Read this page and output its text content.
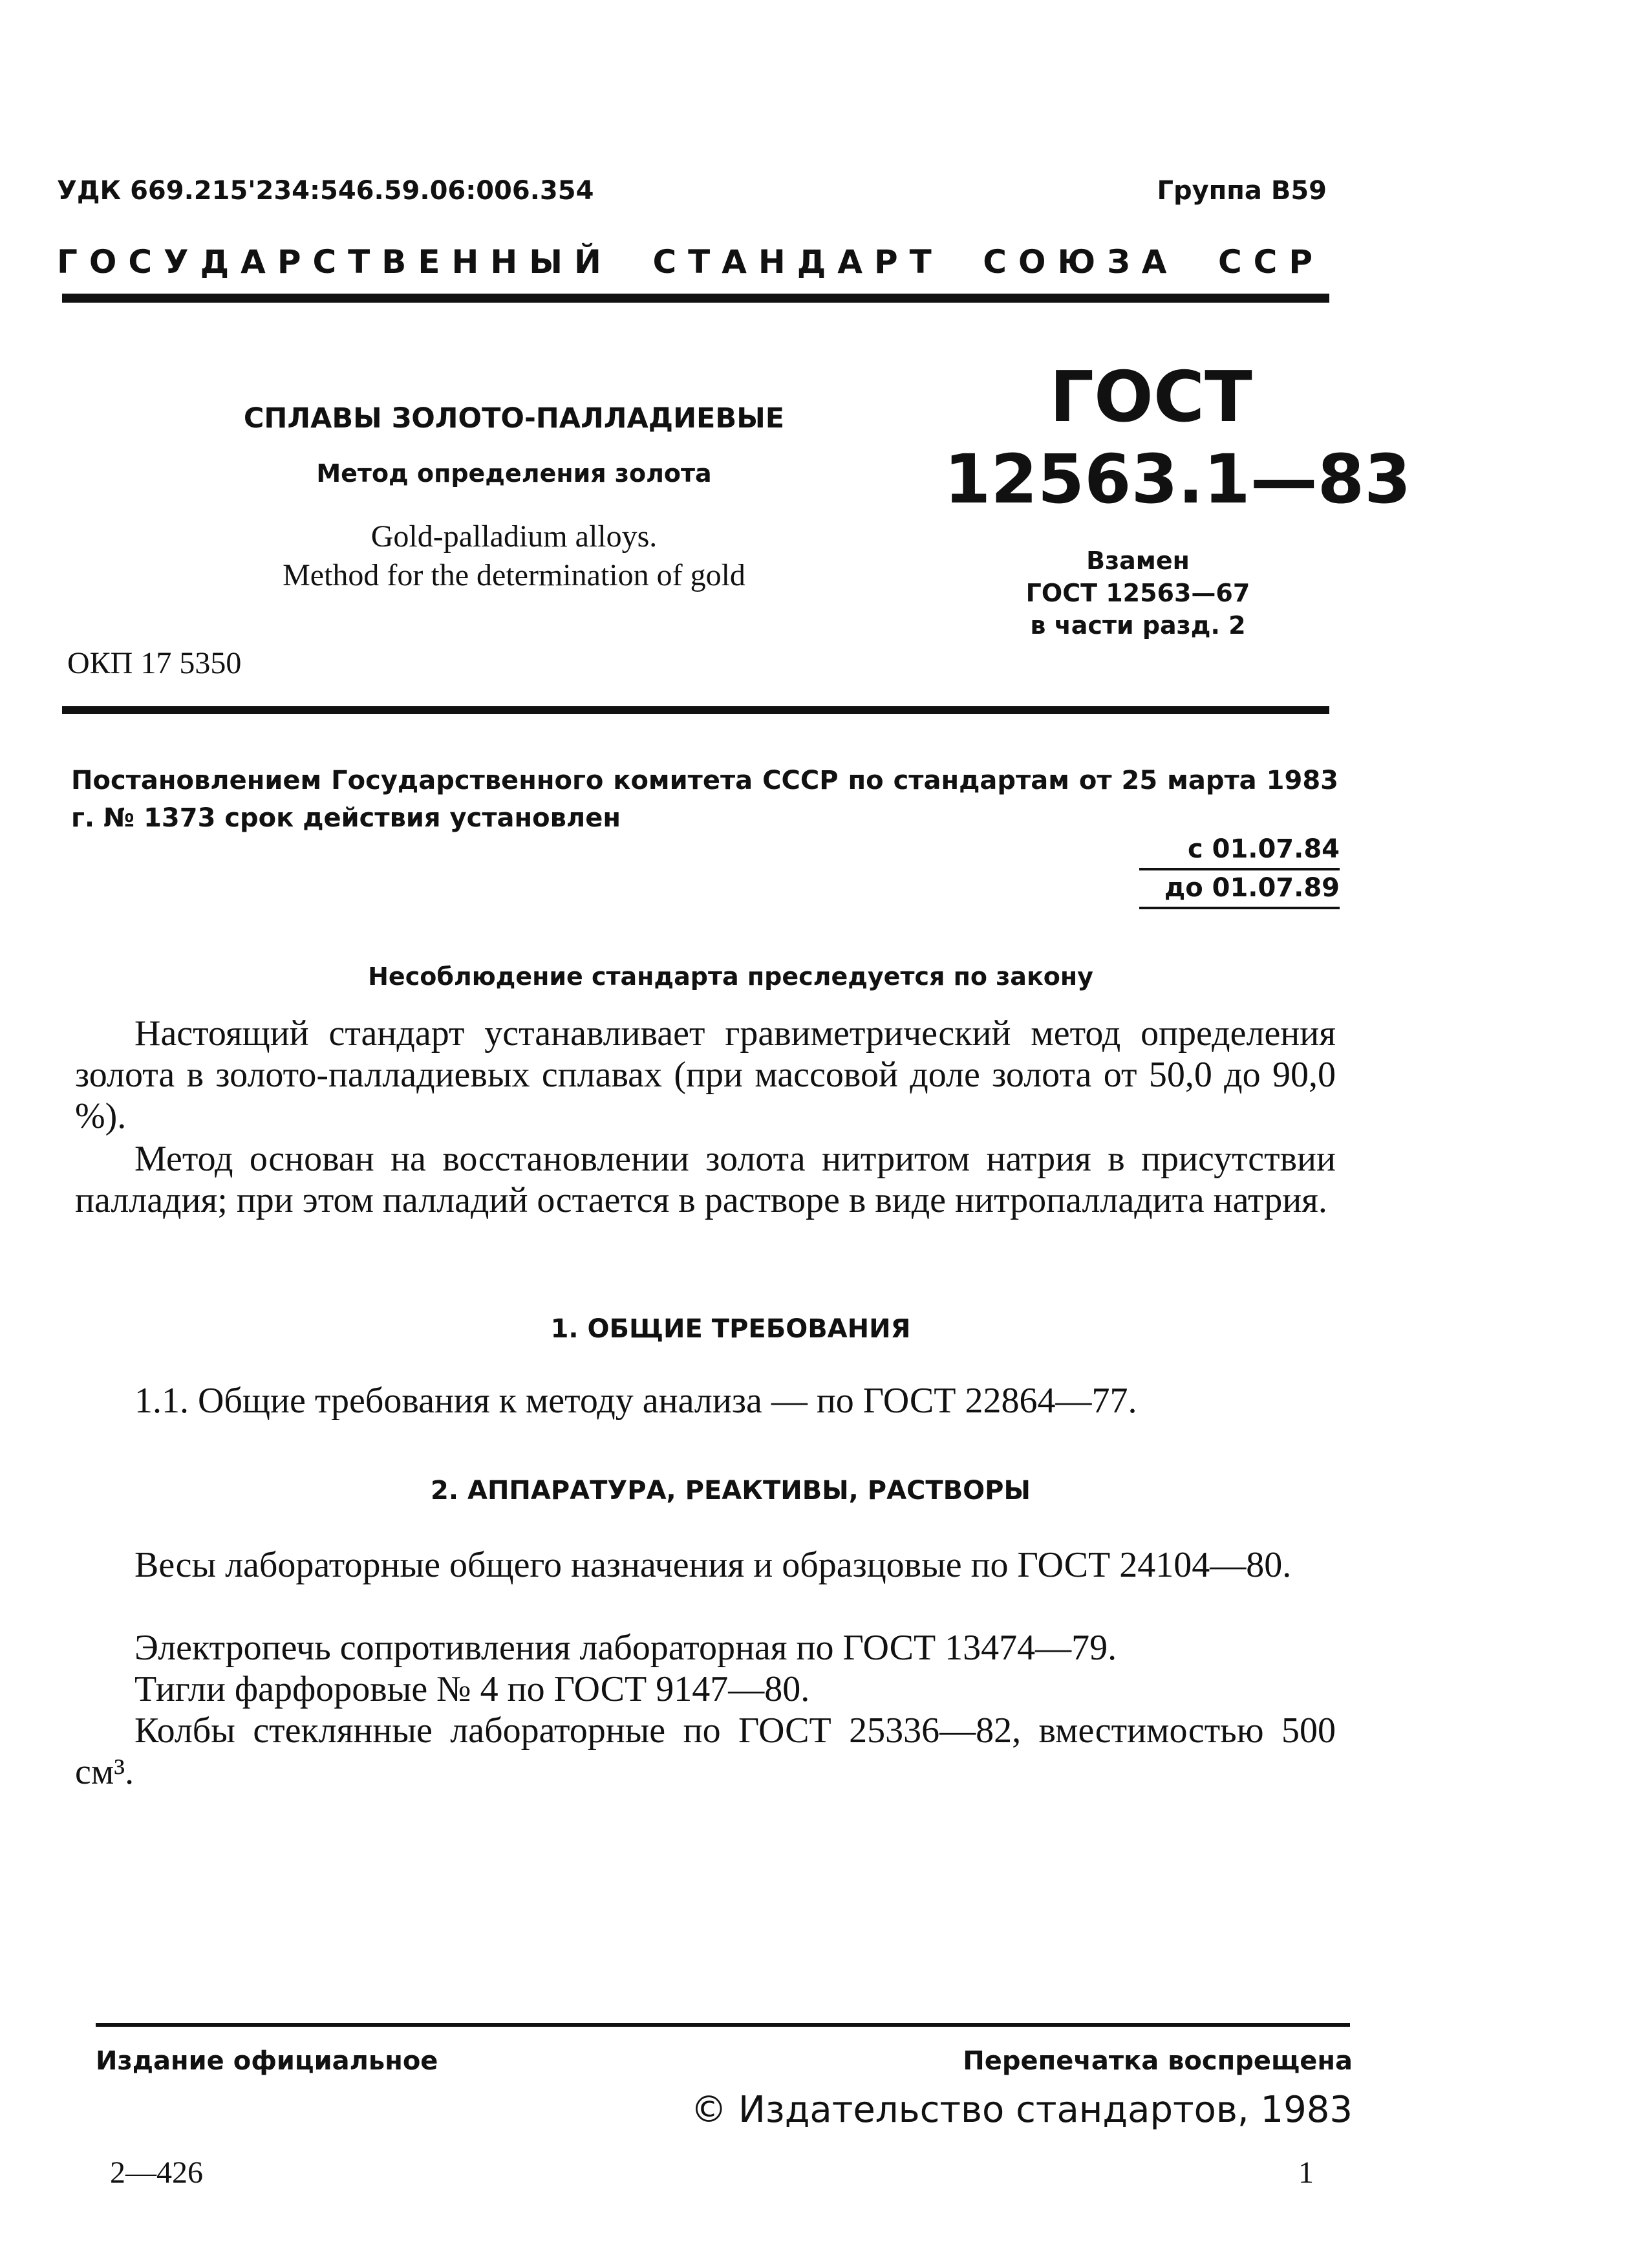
УДК 669.215'234:546.59.06:006.354	Группа В59
ГОСУДАРСТВЕННЫЙ СТАНДАРТ СОЮЗА ССР
СПЛАВЫ ЗОЛОТО-ПАЛЛАДИЕВЫЕ
Метод определения золота
Gold-palladium alloys.
Method for the determination of gold
ОКП 17 5350
ГОСТ
12563.1—83
Взамен
ГОСТ 12563—67
в части разд. 2
Постановлением Государственного комитета СССР по стандартам от 25 марта 1983 г. № 1373 срок действия установлен
с 01.07.84
до 01.07.89
Несоблюдение стандарта преследуется по закону
Настоящий стандарт устанавливает гравиметрический метод определения золота в золото-палладиевых сплавах (при массовой доле золота от 50,0 до 90,0 %).
Метод основан на восстановлении золота нитритом натрия в присутствии палладия; при этом палладий остается в растворе в виде нитропалладита натрия.
1. ОБЩИЕ ТРЕБОВАНИЯ
1.1. Общие требования к методу анализа — по ГОСТ 22864—77.
2. АППАРАТУРА, РЕАКТИВЫ, РАСТВОРЫ
Весы лабораторные общего назначения и образцовые по ГОСТ 24104—80.
Электропечь сопротивления лабораторная по ГОСТ 13474—79.
Тигли фарфоровые № 4 по ГОСТ 9147—80.
Колбы стеклянные лабораторные по ГОСТ 25336—82, вместимостью 500 см³.
Издание официальное	Перепечатка воспрещена
© Издательство стандартов, 1983
2—426	1
